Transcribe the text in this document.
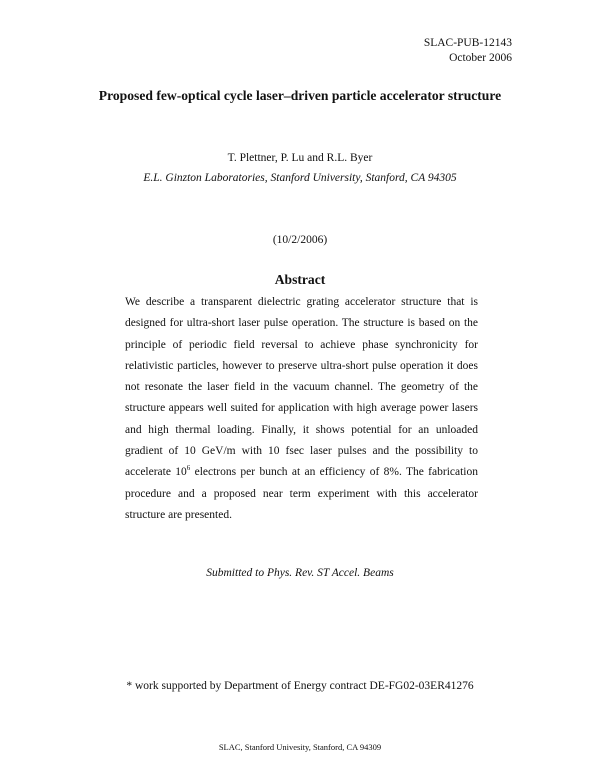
SLAC-PUB-12143
October 2006
Proposed few-optical cycle laser–driven particle accelerator structure
T. Plettner, P. Lu and R.L. Byer
E.L. Ginzton Laboratories, Stanford University, Stanford, CA 94305
(10/2/2006)
Abstract
We describe a transparent dielectric grating accelerator structure that is designed for ultra-short laser pulse operation. The structure is based on the principle of periodic field reversal to achieve phase synchronicity for relativistic particles, however to preserve ultra-short pulse operation it does not resonate the laser field in the vacuum channel. The geometry of the structure appears well suited for application with high average power lasers and high thermal loading. Finally, it shows potential for an unloaded gradient of 10 GeV/m with 10 fsec laser pulses and the possibility to accelerate $10^6$ electrons per bunch at an efficiency of 8%. The fabrication procedure and a proposed near term experiment with this accelerator structure are presented.
Submitted to Phys. Rev. ST Accel. Beams
* work supported by Department of Energy contract DE-FG02-03ER41276
SLAC, Stanford Univesity, Stanford, CA 94309
